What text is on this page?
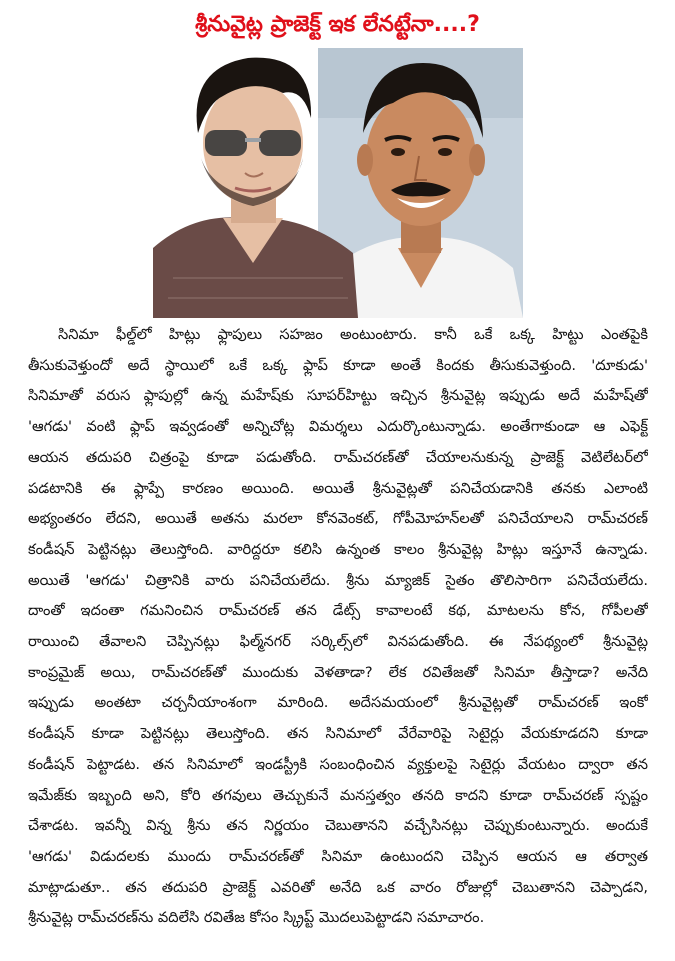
శ్రీనువైట్ల ప్రాజెక్ట్ ఇక లేనట్టేనా....?
సినిమా ఫీల్డ్‌లో హిట్లు ఫ్లాపులు సహజం అంటుంటారు. కానీ ఒకే ఒక్క హిట్టు ఎంతపైకి
తీసుకువెళ్తుందో అదే స్థాయిలో ఒకే ఒక్క ఫ్లాప్ కూడా అంతే కిందకు తీసుకువెళ్తుంది. 'దూకుడు'
సినిమాతో వరుస ఫ్లాపుల్లో ఉన్న మహేష్‌కు సూపర్‌హిట్టు ఇచ్చిన శ్రీనువైట్ల ఇప్పుడు అదే మహేష్‌తో
'ఆగడు' వంటి ఫ్లాప్ ఇవ్వడంతో అన్నిచోట్ల విమర్శలు ఎదుర్కొంటున్నాడు. అంతేగాకుండా ఆ ఎఫెక్ట్
ఆయన తదుపరి చిత్రంపై కూడా పడుతోంది. రామ్‌చరణ్‌తో చేయాలనుకున్న ప్రాజెక్ట్ వెటిలేటర్‌లో
పడటానికి ఈ ఫ్లాప్పే కారణం అయింది. అయితే శ్రీనువైట్లతో పనిచేయడానికి తనకు ఎలాంటి
అభ్యంతరం లేదని, అయితే అతను మరలా కోనవెంకట్, గోపీమోహన్‌లతో పనిచేయాలని రామ్‌చరణ్
కండీషన్ పెట్టినట్లు తెలుస్తోంది. వారిద్దరూ కలిసి ఉన్నంత కాలం శ్రీనువైట్ల హిట్లు ఇస్తూనే ఉన్నాడు.
అయితే 'ఆగడు' చిత్రానికి వారు పనిచేయలేదు. శ్రీను మ్యాజిక్ సైతం తొలిసారిగా పనిచేయలేదు.
దాంతో ఇదంతా గమనించిన రామ్‌చరణ్ తన డేట్స్ కావాలంటే కథ, మాటలను కోన, గోపీలతో
రాయించి తేవాలని చెప్పినట్లు ఫిల్మ్‌నగర్ సర్కిల్స్‌లో వినపడుతోంది. ఈ నేపథ్యంలో శ్రీనువైట్ల
కాంప్రమైజ్ అయి, రామ్‌చరణ్‌తో ముందుకు వెళతాడా? లేక రవితేజతో సినిమా తీస్తాడా? అనేది
ఇప్పుడు అంతటా చర్చనీయాంశంగా మారింది. అదేసమయంలో శ్రీనువైట్లతో రామ్‌చరణ్ ఇంకో
కండీషన్ కూడా పెట్టినట్లు తెలుస్తోంది. తన సినిమాలో వేరేవారిపై సెటైర్లు వేయకూడదని కూడా
కండీషన్ పెట్టాడట. తన సినిమాలో ఇండస్ట్రీకి సంబంధించిన వ్యక్తులపై సెటైర్లు వేయటం ద్వారా తన
ఇమేజ్‌కు ఇబ్బంది అని, కోరి తగవులు తెచ్చుకునే మనస్తత్వం తనది కాదని కూడా రామ్‌చరణ్ స్పష్టం
చేశాడట. ఇవన్నీ విన్న శ్రీను తన నిర్ణయం చెబుతానని వచ్చేసినట్లు చెప్పుకుంటున్నారు. అందుకే
'ఆగడు' విడుదలకు ముందు రామ్‌చరణ్‌తో సినిమా ఉంటుందని చెప్పిన ఆయన ఆ తర్వాత
మాట్లాడుతూ.. తన తదుపరి ప్రాజెక్ట్ ఎవరితో అనేది ఒక వారం రోజుల్లో చెబుతానని చెప్పాడని,
శ్రీనువైట్ల రామ్‌చరణ్‌ను వదిలేసి రవితేజ కోసం స్క్రిప్ట్ మొదలుపెట్టాడని సమాచారం.
